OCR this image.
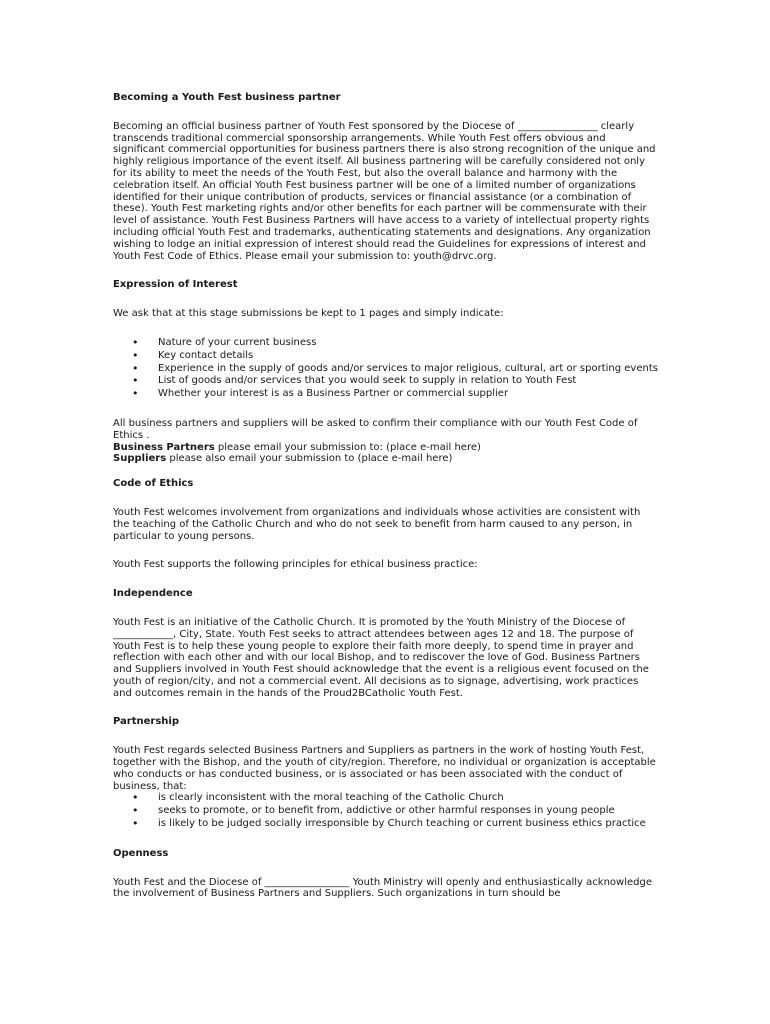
Becoming a Youth Fest business partner

Becoming an official business partner of Youth Fest sponsored by the Diocese of ________________ clearly transcends traditional commercial sponsorship arrangements. While Youth Fest offers obvious and significant commercial opportunities for business partners there is also strong recognition of the unique and highly religious importance of the event itself. All business partnering will be carefully considered not only for its ability to meet the needs of the Youth Fest, but also the overall balance and harmony with the celebration itself. An official Youth Fest business partner will be one of a limited number of organizations identified for their unique contribution of products, services or financial assistance (or a combination of these). Youth Fest marketing rights and/or other benefits for each partner will be commensurate with their level of assistance. Youth Fest Business Partners will have access to a variety of intellectual property rights including official Youth Fest and trademarks, authenticating statements and designations. Any organization wishing to lodge an initial expression of interest should read the Guidelines for expressions of interest and Youth Fest Code of Ethics. Please email your submission to: youth@drvc.org.

Expression of Interest

We ask that at this stage submissions be kept to 1 pages and simply indicate:

• Nature of your current business
• Key contact details
• Experience in the supply of goods and/or services to major religious, cultural, art or sporting events
• List of goods and/or services that you would seek to supply in relation to Youth Fest
• Whether your interest is as a Business Partner or commercial supplier

All business partners and suppliers will be asked to confirm their compliance with our Youth Fest Code of Ethics .

Business Partners please email your submission to: (place e-mail here)

Suppliers please also email your submission to (place e-mail here)

Code of Ethics

Youth Fest welcomes involvement from organizations and individuals whose activities are consistent with the teaching of the Catholic Church and who do not seek to benefit from harm caused to any person, in particular to young persons.

Youth Fest supports the following principles for ethical business practice:

Independence

Youth Fest is an initiative of the Catholic Church. It is promoted by the Youth Ministry of the Diocese of ____________, City, State. Youth Fest seeks to attract attendees between ages 12 and 18. The purpose of Youth Fest is to help these young people to explore their faith more deeply, to spend time in prayer and reflection with each other and with our local Bishop, and to rediscover the love of God. Business Partners and Suppliers involved in Youth Fest should acknowledge that the event is a religious event focused on the youth of region/city, and not a commercial event. All decisions as to signage, advertising, work practices and outcomes remain in the hands of the Proud2BCatholic Youth Fest.

Partnership

Youth Fest regards selected Business Partners and Suppliers as partners in the work of hosting Youth Fest, together with the Bishop, and the youth of city/region. Therefore, no individual or organization is acceptable who conducts or has conducted business, or is associated or has been associated with the conduct of business, that:

• is clearly inconsistent with the moral teaching of the Catholic Church
• seeks to promote, or to benefit from, addictive or other harmful responses in young people
• is likely to be judged socially irresponsible by Church teaching or current business ethics practice

Openness

Youth Fest and the Diocese of _________________ Youth Ministry will openly and enthusiastically acknowledge the involvement of Business Partners and Suppliers. Such organizations in turn should be
